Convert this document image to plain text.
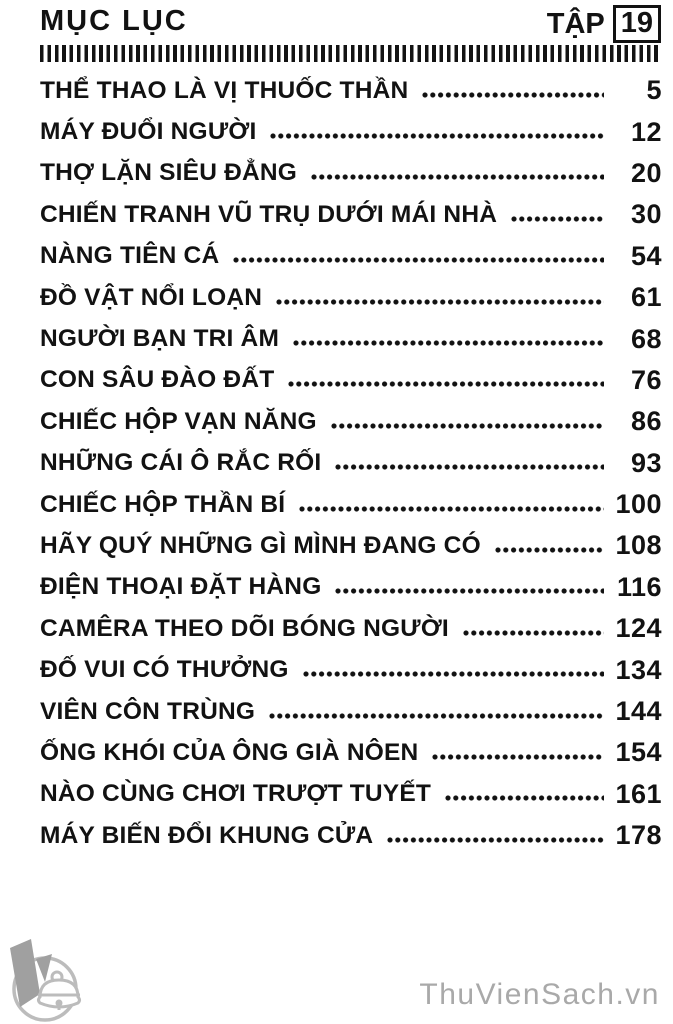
MỤC LỤC	TẬP 19
THỂ THAO LÀ VỊ THUỐC THẦN	5
MÁY ĐUỔI NGƯỜI	12
THỢ LẶN SIÊU ĐẲNG	20
CHIẾN TRANH VŨ TRỤ DƯỚI MÁI NHÀ	30
NÀNG TIÊN CÁ	54
ĐỒ VẬT NỔI LOẠN	61
NGƯỜI BẠN TRI ÂM	68
CON SÂU ĐÀO ĐẤT	76
CHIẾC HỘP VẠN NĂNG	86
NHỮNG CÁI Ô RẮC RỐI	93
CHIẾC HỘP THẦN BÍ	100
HÃY QUÝ NHỮNG GÌ MÌNH ĐANG CÓ	108
ĐIỆN THOẠI ĐẶT HÀNG	116
CAMÊRA THEO DÕI BÓNG NGƯỜI	124
ĐỐ VUI CÓ THƯỞNG	134
VIÊN CÔN TRÙNG	144
ỐNG KHÓI CỦA ÔNG GIÀ NÔEN	154
NÀO CÙNG CHƠI TRƯỢT TUYẾT	161
MÁY BIẾN ĐỔI KHUNG CỬA	178
ThuVienSach.vn
